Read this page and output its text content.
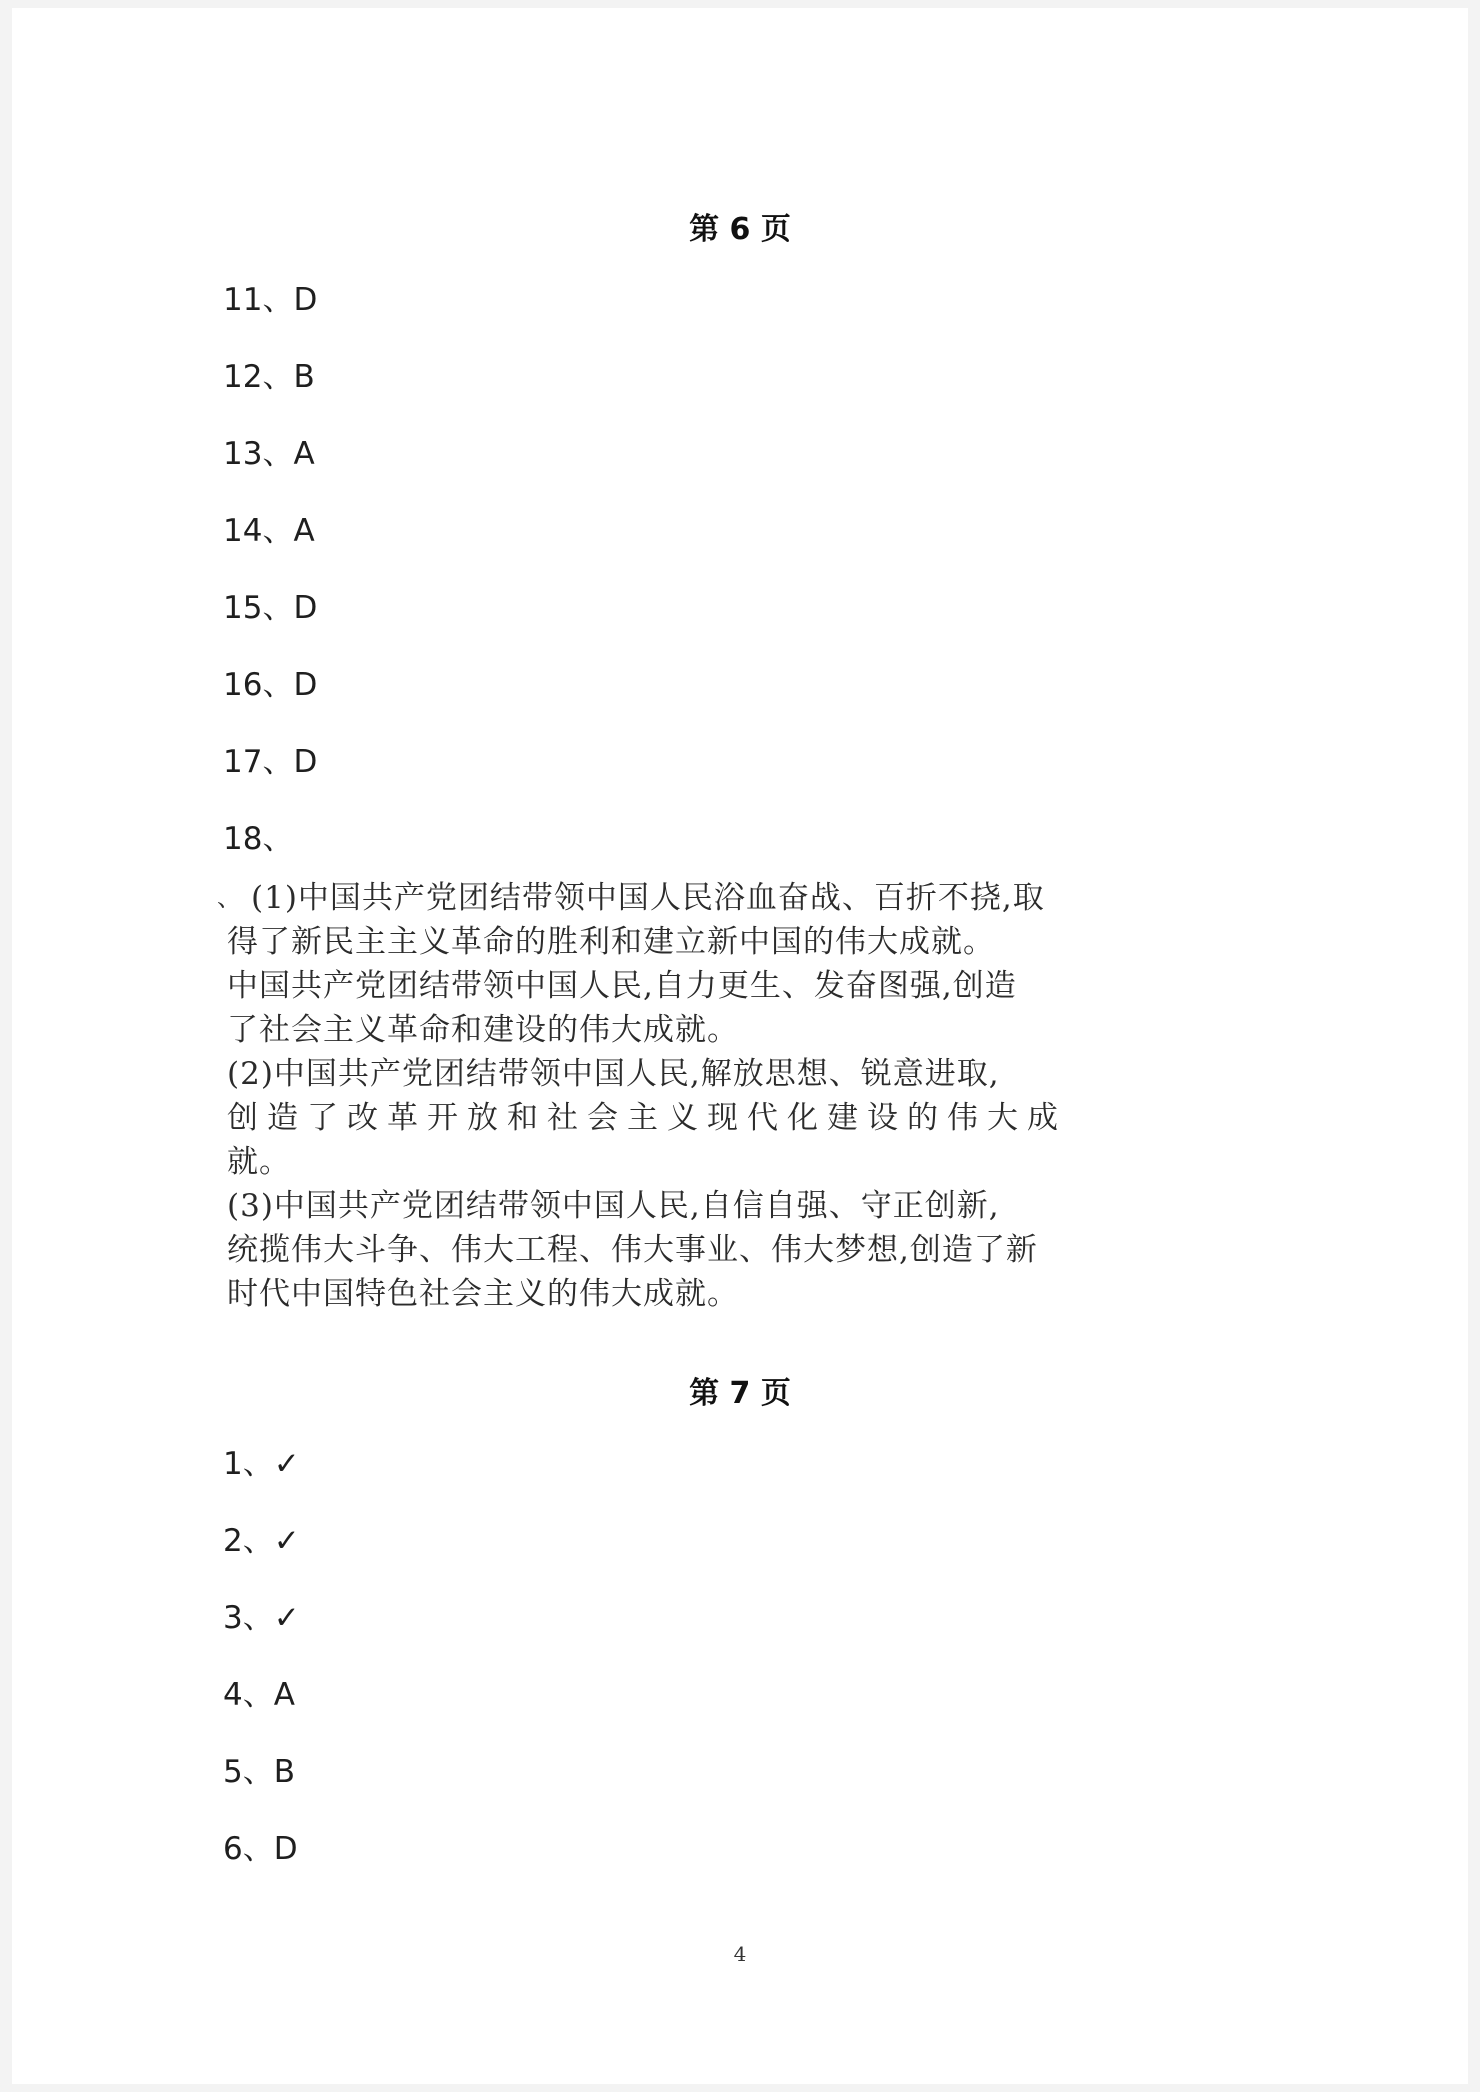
第 6 页
11、D
12、B
13、A
14、A
15、D
16、D
17、D
18、
、 (1)中国共产党团结带领中国人民浴血奋战、百折不挠,取
得了新民主主义革命的胜利和建立新中国的伟大成就。
中国共产党团结带领中国人民,自力更生、发奋图强,创造
了社会主义革命和建设的伟大成就。
(2)中国共产党团结带领中国人民,解放思想、锐意进取,
创造了改革开放和社会主义现代化建设的伟大成
就。
(3)中国共产党团结带领中国人民,自信自强、守正创新,
统揽伟大斗争、伟大工程、伟大事业、伟大梦想,创造了新
时代中国特色社会主义的伟大成就。
第 7 页
1、✓
2、✓
3、✓
4、A
5、B
6、D
4
